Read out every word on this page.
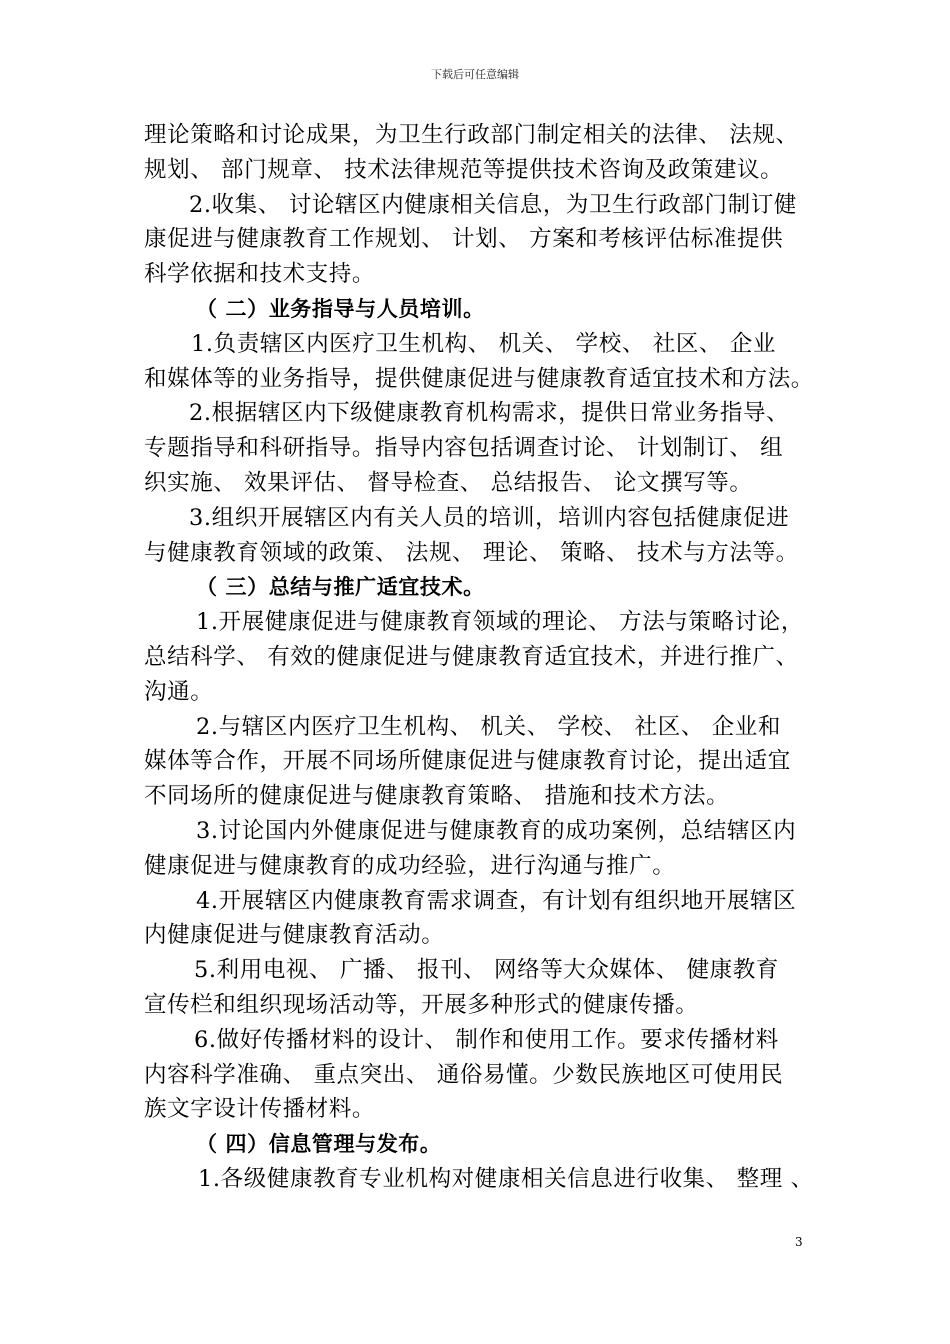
下载后可任意编辑
理论策略和讨论成果，为卫生行政部门制定相关的法律、 法规、
规划、 部门规章、 技术法律规范等提供技术咨询及政策建议。
2.收集、 讨论辖区内健康相关信息，为卫生行政部门制订健
康促进与健康教育工作规划、 计划、 方案和考核评估标准提供
科学依据和技术支持。
（ 二）业务指导与人员培训。
1.负责辖区内医疗卫生机构、 机关、 学校、 社区、 企业
和媒体等的业务指导，提供健康促进与健康教育适宜技术和方法。
2.根据辖区内下级健康教育机构需求，提供日常业务指导、
专题指导和科研指导。指导内容包括调查讨论、 计划制订、 组
织实施、 效果评估、 督导检查、 总结报告、 论文撰写等。
3.组织开展辖区内有关人员的培训，培训内容包括健康促进
与健康教育领域的政策、 法规、 理论、 策略、 技术与方法等。
（ 三）总结与推广适宜技术。
1.开展健康促进与健康教育领域的理论、 方法与策略讨论，
总结科学、 有效的健康促进与健康教育适宜技术，并进行推广、
沟通。
2.与辖区内医疗卫生机构、 机关、 学校、 社区、 企业和
媒体等合作，开展不同场所健康促进与健康教育讨论，提出适宜
不同场所的健康促进与健康教育策略、 措施和技术方法。
3.讨论国内外健康促进与健康教育的成功案例，总结辖区内
健康促进与健康教育的成功经验，进行沟通与推广。
4.开展辖区内健康教育需求调查，有计划有组织地开展辖区
内健康促进与健康教育活动。
5.利用电视、 广播、 报刊、 网络等大众媒体、 健康教育
宣传栏和组织现场活动等，开展多种形式的健康传播。
6.做好传播材料的设计、 制作和使用工作。要求传播材料
内容科学准确、 重点突出、 通俗易懂。少数民族地区可使用民
族文字设计传播材料。
（ 四）信息管理与发布。
1.各级健康教育专业机构对健康相关信息进行收集、 整理 、
3
